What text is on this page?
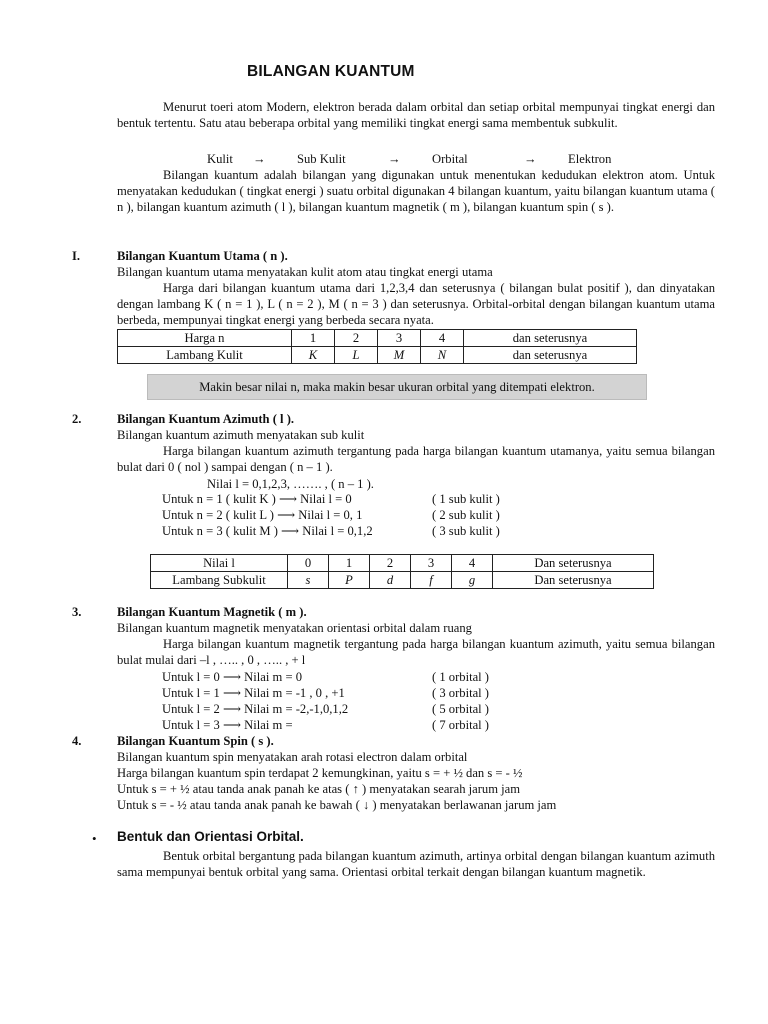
BILANGAN KUANTUM
Menurut toeri atom Modern, elektron berada dalam orbital dan setiap orbital mempunyai tingkat energi dan bentuk tertentu. Satu atau beberapa orbital yang memiliki tingkat energi sama membentuk subkulit.
Kulit → Sub Kulit	→ Orbital	→ Elektron
Bilangan kuantum adalah bilangan yang digunakan untuk menentukan kedudukan elektron atom. Untuk menyatakan kedudukan ( tingkat energi ) suatu orbital digunakan 4 bilangan kuantum, yaitu bilangan kuantum utama ( n ), bilangan kuantum azimuth ( l ), bilangan kuantum magnetik ( m ), bilangan kuantum spin ( s ).
I.	Bilangan Kuantum Utama ( n ).
Bilangan kuantum utama menyatakan kulit atom atau tingkat energi utama
Harga dari bilangan kuantum utama dari 1,2,3,4 dan seterusnya ( bilangan bulat positif ), dan dinyatakan dengan lambang K ( n = 1 ), L ( n = 2 ), M ( n = 3 ) dan seterusnya. Orbital-orbital dengan bilangan kuantum utama berbeda, mempunyai tingkat energi yang berbeda secara nyata.
Harga n	1	2	3	4	dan seterusnya
Lambang Kulit	K	L	M	N	dan seterusnya
Makin besar nilai n, maka makin besar ukuran orbital yang ditempati elektron.
2.	Bilangan Kuantum Azimuth ( l ).
Bilangan kuantum azimuth menyatakan sub kulit
Harga bilangan kuantum azimuth tergantung pada harga bilangan kuantum utamanya, yaitu semua bilangan bulat dari 0 ( nol ) sampai dengan ( n – 1 ).
Nilai l = 0,1,2,3, ……. , ( n – 1 ).
Untuk n = 1 ( kulit K ) ⟶ Nilai l = 0	( 1 sub kulit )
Untuk n = 2 ( kulit L ) ⟶ Nilai l = 0, 1	( 2 sub kulit )
Untuk n = 3 ( kulit M ) ⟶ Nilai l = 0,1,2	( 3 sub kulit )
Nilai l	0	1	2	3	4	Dan seterusnya
Lambang Subkulit	s	P	d	f	g	Dan seterusnya
3.	Bilangan Kuantum Magnetik ( m ).
Bilangan kuantum magnetik menyatakan orientasi orbital dalam ruang
Harga bilangan kuantum magnetik tergantung pada harga bilangan kuantum azimuth, yaitu semua bilangan bulat mulai dari –l , ….. , 0 , ….. , + l
Untuk l = 0 ⟶ Nilai m = 0	( 1 orbital )
Untuk l = 1 ⟶ Nilai m = -1 , 0 , +1	( 3 orbital )
Untuk l = 2 ⟶ Nilai m = -2,-1,0,1,2	( 5 orbital )
Untuk l = 3 ⟶ Nilai m =	( 7 orbital )
4.	Bilangan Kuantum Spin ( s ).
Bilangan kuantum spin menyatakan arah rotasi electron dalam orbital
Harga bilangan kuantum spin terdapat 2 kemungkinan, yaitu s = + ½ dan s = - ½
Untuk s = + ½ atau tanda anak panah ke atas ( ↑ ) menyatakan searah jarum jam
Untuk s = - ½ atau tanda anak panah ke bawah ( ↓ ) menyatakan berlawanan jarum jam
• Bentuk dan Orientasi Orbital.
Bentuk orbital bergantung pada bilangan kuantum azimuth, artinya orbital dengan bilangan kuantum azimuth sama mempunyai bentuk orbital yang sama. Orientasi orbital terkait dengan bilangan kuantum magnetik.
